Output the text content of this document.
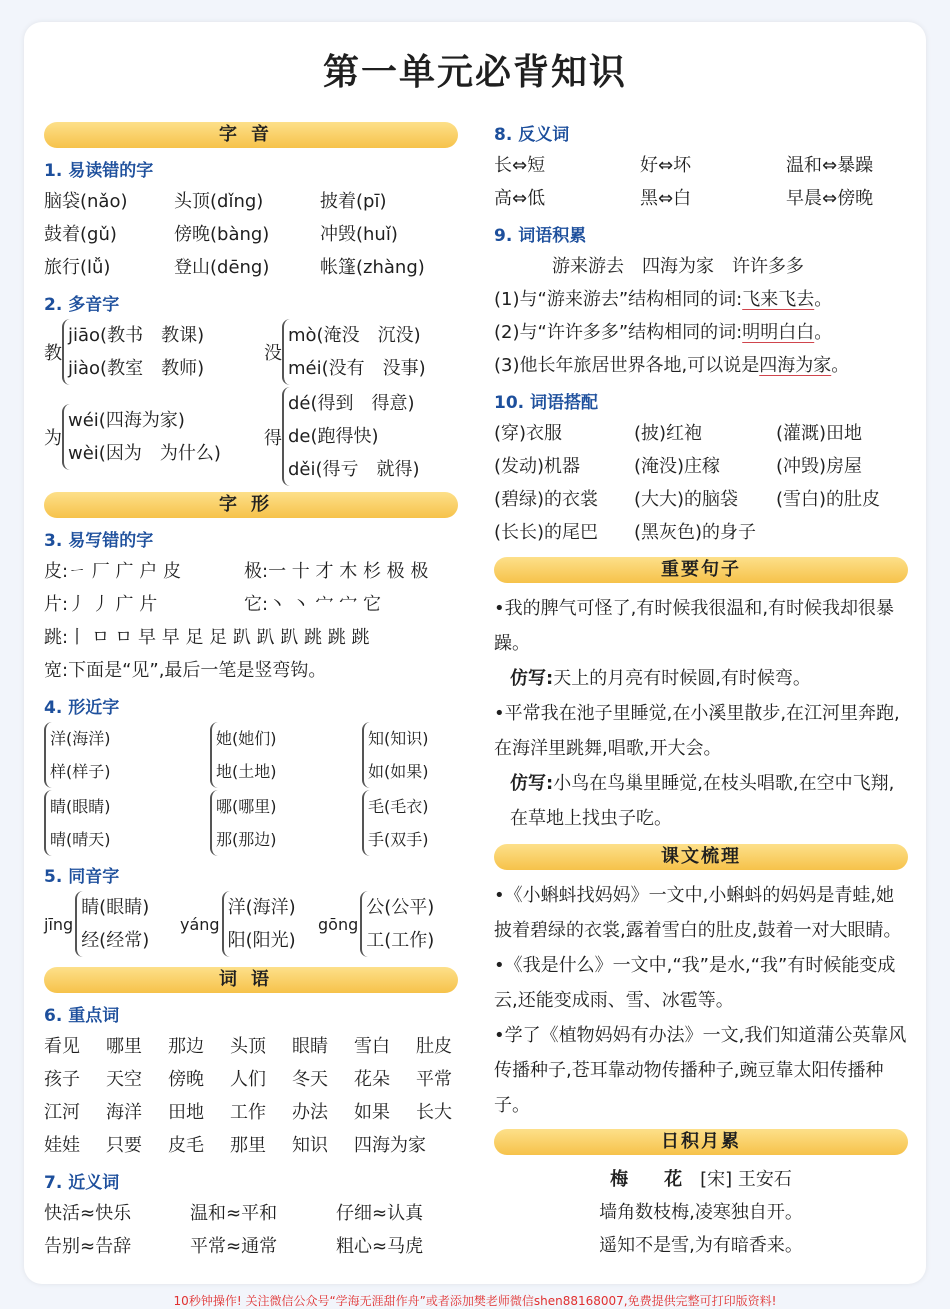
第一单元必背知识
字音
1. 易读错的字
脑袋(nǎo)	头顶(dǐng)	披着(pī)
鼓着(gǔ)	傍晚(bàng)	冲毁(huǐ)
旅行(lǚ)	登山(dēng)	帐篷(zhàng)
2. 多音字
教
jiāo(教书　教课)
jiào(教室　教师)
没
mò(淹没　沉没)
méi(没有　没事)
为
wéi(四海为家)
wèi(因为　为什么)
得
dé(得到　得意)
de(跑得快)
děi(得亏　就得)
字形
3. 易写错的字
皮:ㄧ 厂 广 户 皮	极:一 十 才 木 杉 极 极
片:丿 丿 广 片	它:丶 丶 宀 宀 它
跳:丨 ㅁ ㅁ 早 早 足 足 趴 趴 趴 跳 跳 跳
宽:下面是“见”,最后一笔是竖弯钩。
4. 形近字
洋(海洋)
样(样子)
她(她们)
地(土地)
知(知识)
如(如果)
睛(眼睛)
晴(晴天)
哪(哪里)
那(那边)
毛(毛衣)
手(双手)
5. 同音字
jīng
睛(眼睛)
经(经常)
yáng
洋(海洋)
阳(阳光)
gōng
公(公平)
工(工作)
词语
6. 重点词
看见	哪里	那边	头顶	眼睛	雪白	肚皮
孩子	天空	傍晚	人们	冬天	花朵	平常
江河	海洋	田地	工作	办法	如果	长大
娃娃	只要	皮毛	那里	知识	四海为家
7. 近义词
快活≈快乐	温和≈平和	仔细≈认真
告别≈告辞	平常≈通常	粗心≈马虎
8. 反义词
长⇔短	好⇔坏	温和⇔暴躁
高⇔低	黑⇔白	早晨⇔傍晚
9. 词语积累
游来游去　四海为家　许许多多
(1)与“游来游去”结构相同的词:飞来飞去。
(2)与“许许多多”结构相同的词:明明白白。
(3)他长年旅居世界各地,可以说是四海为家。
10. 词语搭配
(穿)衣服	(披)红袍	(灌溉)田地
(发动)机器	(淹没)庄稼	(冲毁)房屋
(碧绿)的衣裳	(大大)的脑袋	(雪白)的肚皮
(长长)的尾巴	(黑灰色)的身子
重要句子
•我的脾气可怪了,有时候我很温和,有时候我却很暴躁。
仿写:天上的月亮有时候圆,有时候弯。
•平常我在池子里睡觉,在小溪里散步,在江河里奔跑,在海洋里跳舞,唱歌,开大会。
仿写:小鸟在鸟巢里睡觉,在枝头唱歌,在空中飞翔,在草地上找虫子吃。
课文梳理
•《小蝌蚪找妈妈》一文中,小蝌蚪的妈妈是青蛙,她披着碧绿的衣裳,露着雪白的肚皮,鼓着一对大眼睛。
•《我是什么》一文中,“我”是水,“我”有时候能变成云,还能变成雨、雪、冰雹等。
•学了《植物妈妈有办法》一文,我们知道蒲公英靠风传播种子,苍耳靠动物传播种子,豌豆靠太阳传播种子。
日积月累
梅　　花　 [宋] 王安石
墙角数枝梅,凌寒独自开。
遥知不是雪,为有暗香来。
10秒钟操作! 关注微信公众号“学海无涯甜作舟”或者添加樊老师微信shen88168007,免费提供完整可打印版资料!
